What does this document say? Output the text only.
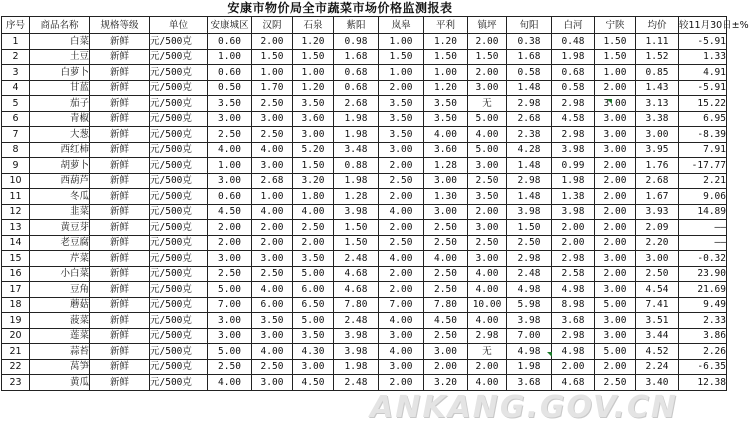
安康市物价局全市蔬菜市场价格监测报表
序号	商品名称	规格等级	单位	安康城区	汉阴	石泉	紫阳	岚皋	平利	镇坪	旬阳	白河	宁陕	均价	较11月30日±%
1	白菜	新鲜	元/500克	0.60	2.00	1.20	0.98	1.00	1.20	2.00	0.38	0.48	1.50	1.11	-5.91
2	土豆	新鲜	元/500克	1.00	1.50	1.50	1.68	1.50	1.50	1.50	1.68	1.98	1.50	1.52	1.33
3	白萝卜	新鲜	元/500克	0.60	1.00	1.00	0.68	1.00	1.00	2.00	0.58	0.68	1.00	0.85	4.91
4	甘蓝	新鲜	元/500克	0.50	1.70	1.20	0.68	2.00	1.20	3.00	1.48	0.58	2.00	1.43	-5.91
5	茄子	新鲜	元/500克	3.50	2.50	3.50	2.68	3.50	3.50	无	2.98	2.98	3.00	3.13	15.22
6	青椒	新鲜	元/500克	3.00	3.00	3.60	1.98	3.50	3.50	5.00	2.68	4.58	3.00	3.38	6.95
7	大葱	新鲜	元/500克	2.50	2.50	3.00	1.98	3.50	4.00	4.00	2.38	2.98	3.00	3.00	-8.39
8	西红柿	新鲜	元/500克	4.00	4.00	5.20	3.48	3.00	3.60	5.00	4.28	3.98	3.00	3.95	7.91
9	胡萝卜	新鲜	元/500克	1.00	3.00	1.50	0.88	2.00	1.28	3.00	1.48	0.99	2.00	1.76	-17.77
10	西葫芦	新鲜	元/500克	3.00	2.68	3.20	1.98	2.50	3.00	2.50	2.98	1.98	2.00	2.68	2.21
11	冬瓜	新鲜	元/500克	0.60	1.00	1.80	1.28	2.00	1.30	3.50	1.48	1.38	2.00	1.67	9.06
12	韭菜	新鲜	元/500克	4.50	4.00	4.00	3.98	4.00	3.00	2.00	3.98	3.98	2.00	3.93	14.89
13	黄豆芽	新鲜	元/500克	2.00	2.00	2.50	1.50	2.00	2.50	3.00	1.50	2.00	2.00	2.09	——
14	老豆腐	新鲜	元/500克	2.00	2.00	2.00	1.50	2.50	2.50	2.50	2.50	2.00	2.00	2.20	——
15	芹菜	新鲜	元/500克	3.00	3.00	3.50	2.48	4.00	4.00	3.00	2.98	2.98	3.00	3.00	-0.32
16	小白菜	新鲜	元/500克	2.50	2.50	5.00	4.68	2.00	2.50	4.00	2.48	2.58	2.00	2.50	23.90
17	豆角	新鲜	元/500克	5.00	4.00	6.00	4.68	2.00	2.50	4.00	4.98	4.98	3.00	4.54	21.69
18	蘑菇	新鲜	元/500克	7.00	6.00	6.50	7.80	7.00	7.80	10.00	5.98	8.98	5.00	7.41	9.49
19	菠菜	新鲜	元/500克	3.00	3.50	5.00	2.48	4.00	4.50	4.00	3.98	3.68	3.00	3.51	2.33
20	莲菜	新鲜	元/500克	3.00	3.00	3.50	3.98	3.00	2.50	2.98	7.00	2.98	3.00	3.44	3.86
21	蒜苔	新鲜	元/500克	5.00	4.00	4.30	3.98	4.00	3.00	无	4.98	4.98	5.00	4.52	2.26
22	莴笋	新鲜	元/500克	2.50	2.50	3.00	1.98	3.00	2.00	2.00	1.98	2.00	2.00	2.24	-6.35
23	黄瓜	新鲜	元/500克	4.00	3.00	4.50	2.48	2.00	3.20	4.00	3.68	4.68	2.50	3.40	12.38
ANKANG.GOV.CN
